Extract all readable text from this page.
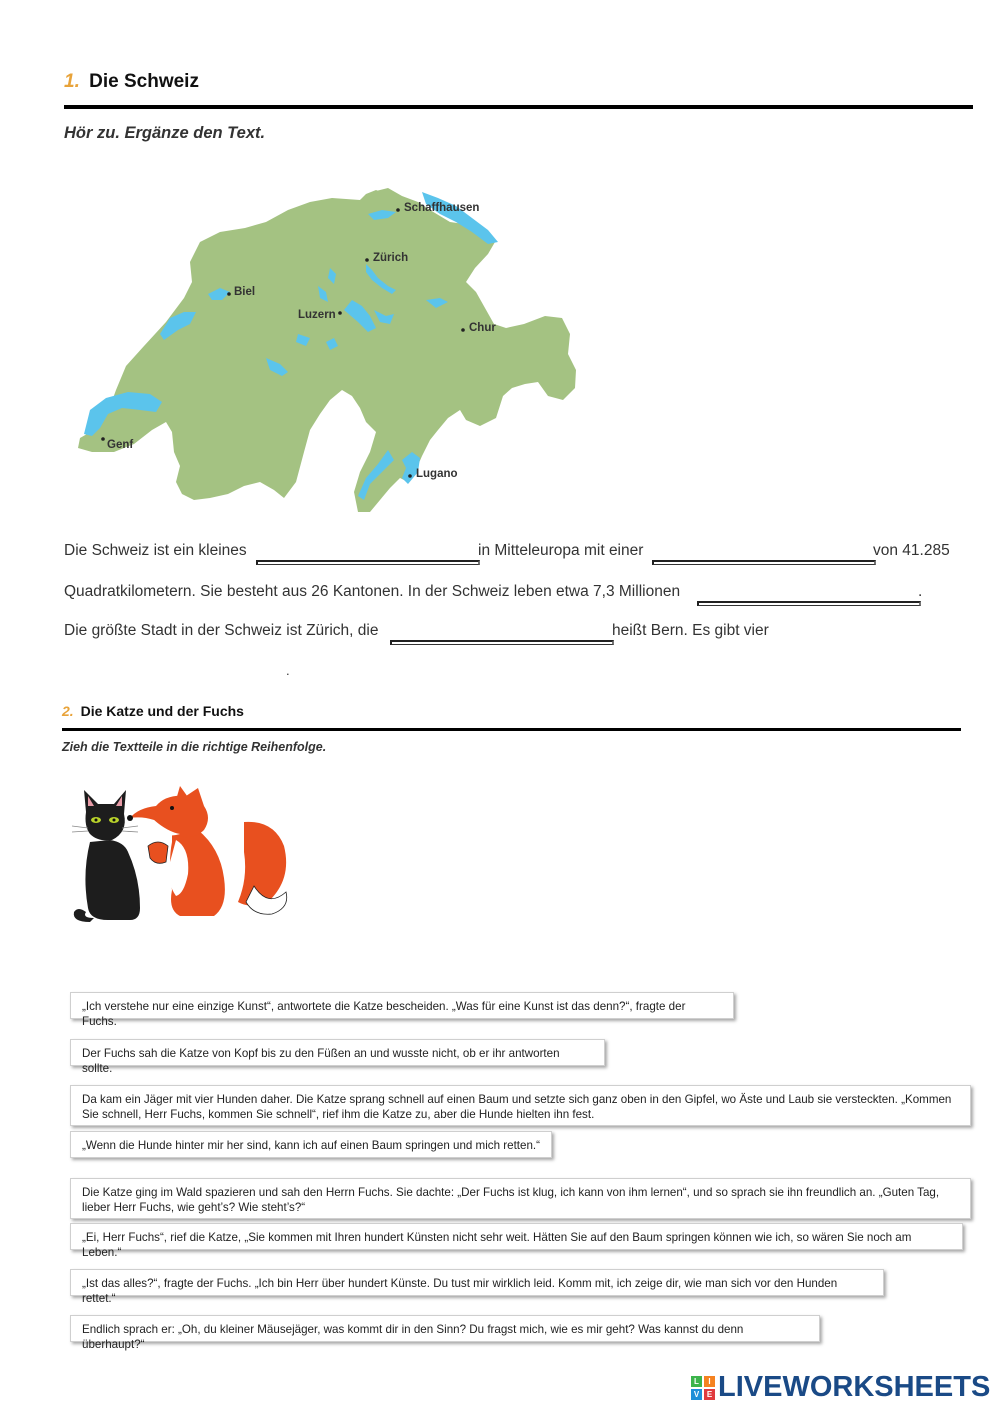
1. Die Schweiz
Hör zu. Ergänze den Text.
Schaffhausen
Zürich
Biel
Luzern
Chur
Genf
Lugano
Die Schweiz ist ein kleines	in Mitteleuropa mit einer	von 41.285
Quadratkilometern. Sie besteht aus 26 Kantonen. In der Schweiz leben etwa 7,3 Millionen	.
Die größte Stadt in der Schweiz ist Zürich, die	heißt Bern. Es gibt vier
.
2. Die Katze und der Fuchs
Zieh die Textteile in die richtige Reihenfolge.
„Ich verstehe nur eine einzige Kunst“, antwortete die Katze bescheiden. „Was für eine Kunst ist das denn?“, fragte der Fuchs.
Der Fuchs sah die Katze von Kopf bis zu den Füßen an und wusste nicht, ob er ihr antworten sollte.
Da kam ein Jäger mit vier Hunden daher. Die Katze sprang schnell auf einen Baum und setzte sich ganz oben in den Gipfel, wo Äste und Laub sie versteckten. „Kommen Sie schnell, Herr Fuchs, kommen Sie schnell“, rief ihm die Katze zu, aber die Hunde hielten ihn fest.
„Wenn die Hunde hinter mir her sind, kann ich auf einen Baum springen und mich retten.“
Die Katze ging im Wald spazieren und sah den Herrn Fuchs. Sie dachte: „Der Fuchs ist klug, ich kann von ihm lernen“, und so sprach sie ihn freundlich an. „Guten Tag, lieber Herr Fuchs, wie geht’s? Wie steht’s?“
„Ei, Herr Fuchs“, rief die Katze, „Sie kommen mit Ihren hundert Künsten nicht sehr weit. Hätten Sie auf den Baum springen können wie ich, so wären Sie noch am Leben.“
„Ist das alles?“, fragte der Fuchs. „Ich bin Herr über hundert Künste. Du tust mir wirklich leid. Komm mit, ich zeige dir, wie man sich vor den Hunden rettet.“
Endlich sprach er: „Oh, du kleiner Mäusejäger, was kommt dir in den Sinn? Du fragst mich, wie es mir geht? Was kannst du denn überhaupt?“
L	I
V E LIVEWORKSHEETS
